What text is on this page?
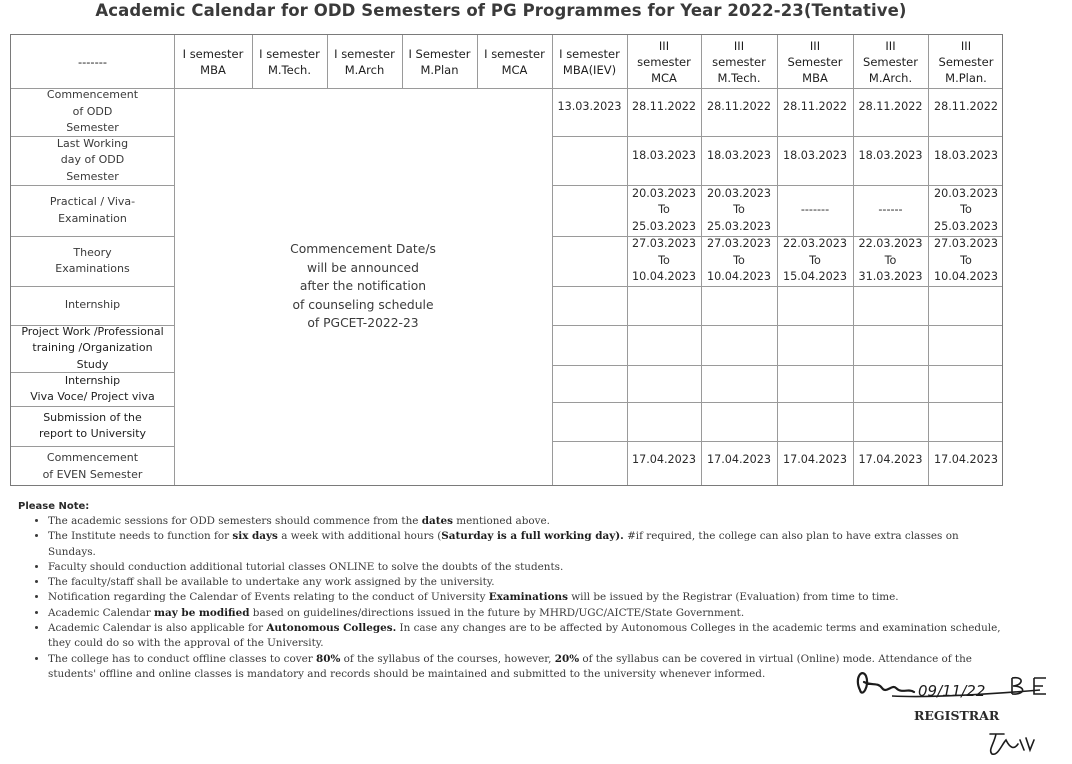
Academic Calendar for ODD Semesters of PG Programmes for Year 2022-23(Tentative)
-------
I semester
MBA
I semester
M.Tech.
I semester
M.Arch
I Semester
M.Plan
I semester
MCA
I semester
MBA(IEV)
III
semester
MCA
III
semester
M.Tech.
III
Semester
MBA
III
Semester
M.Arch.
III
Semester
M.Plan.
Commencement
of ODD
Semester
Last Working
day of ODD
Semester
Practical / Viva-
Examination
Theory
Examinations
Internship
Project Work /Professional
training /Organization
Study
Internship
Viva Voce/ Project viva
Submission of the
report to University
Commencement
of EVEN Semester
Commencement Date/s
will be announced
after the notification
of counseling schedule
of PGCET-2022-23
13.03.2023 28.11.2022 28.11.2022 28.11.2022 28.11.2022 28.11.2022
18.03.2023 18.03.2023 18.03.2023 18.03.2023 18.03.2023
20.03.2023
To
25.03.2023
20.03.2023
To
25.03.2023
-------	------
20.03.2023
To
25.03.2023
27.03.2023
To
10.04.2023
27.03.2023
To
10.04.2023
22.03.2023
To
15.04.2023
22.03.2023
To
31.03.2023
27.03.2023
To
10.04.2023
17.04.2023 17.04.2023 17.04.2023 17.04.2023 17.04.2023
Please Note:
• The academic sessions for ODD semesters should commence from the dates mentioned above.
• The Institute needs to function for six days a week with additional hours (Saturday is a full working day). #if required, the college can also plan to have extra classes on Sundays.
• Faculty should conduction additional tutorial classes ONLINE to solve the doubts of the students.
• The faculty/staff shall be available to undertake any work assigned by the university.
• Notification regarding the Calendar of Events relating to the conduct of University Examinations will be issued by the Registrar (Evaluation) from time to time.
• Academic Calendar may be modified based on guidelines/directions issued in the future by MHRD/UGC/AICTE/State Government.
• Academic Calendar is also applicable for Autonomous Colleges. In case any changes are to be affected by Autonomous Colleges in the academic terms and examination schedule, they could do so with the approval of the University.
• The college has to conduct offline classes to cover 80% of the syllabus of the courses, however, 20% of the syllabus can be covered in virtual (Online) mode. Attendance of the students' offline and online classes is mandatory and records should be maintained and submitted to the university whenever informed.
09/11/22
REGISTRAR
